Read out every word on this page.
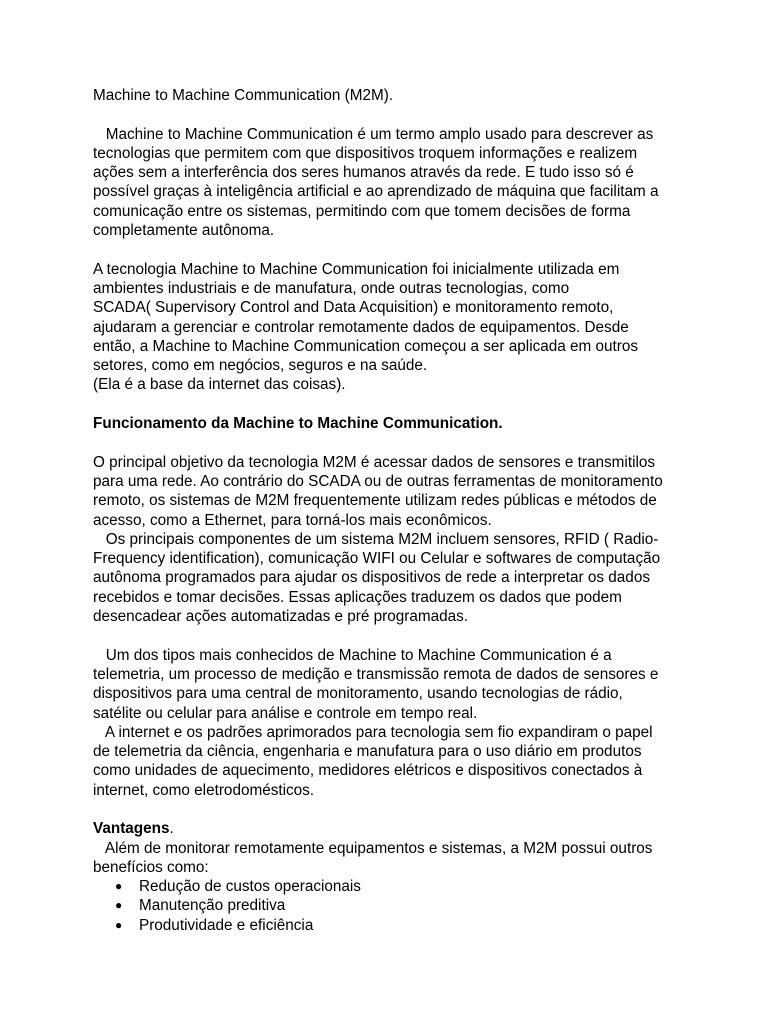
Machine to Machine Communication (M2M).
Machine to Machine Communication é um termo amplo usado para descrever as
tecnologias que permitem com que dispositivos troquem informações e realizem
ações sem a interferência dos seres humanos através da rede. E tudo isso só é
possível graças à inteligência artificial e ao aprendizado de máquina que facilitam a
comunicação entre os sistemas, permitindo com que tomem decisões de forma
completamente autônoma.
A tecnologia Machine to Machine Communication foi inicialmente utilizada em
ambientes industriais e de manufatura, onde outras tecnologias, como
SCADA( Supervisory Control and Data Acquisition) e monitoramento remoto,
ajudaram a gerenciar e controlar remotamente dados de equipamentos. Desde
então, a Machine to Machine Communication começou a ser aplicada em outros
setores, como em negócios, seguros e na saúde.
(Ela é a base da internet das coisas).
Funcionamento da Machine to Machine Communication.
O principal objetivo da tecnologia M2M é acessar dados de sensores e transmitilos
para uma rede. Ao contrário do SCADA ou de outras ferramentas de monitoramento
remoto, os sistemas de M2M frequentemente utilizam redes públicas e métodos de
acesso, como a Ethernet, para torná-los mais econômicos.
Os principais componentes de um sistema M2M incluem sensores, RFID ( Radio-
Frequency identification), comunicação WIFI ou Celular e softwares de computação
autônoma programados para ajudar os dispositivos de rede a interpretar os dados
recebidos e tomar decisões. Essas aplicações traduzem os dados que podem
desencadear ações automatizadas e pré programadas.
Um dos tipos mais conhecidos de Machine to Machine Communication é a
telemetria, um processo de medição e transmissão remota de dados de sensores e
dispositivos para uma central de monitoramento, usando tecnologias de rádio,
satélite ou celular para análise e controle em tempo real.
A internet e os padrões aprimorados para tecnologia sem fio expandiram o papel
de telemetria da ciência, engenharia e manufatura para o uso diário em produtos
como unidades de aquecimento, medidores elétricos e dispositivos conectados à
internet, como eletrodomésticos.
Vantagens.
Além de monitorar remotamente equipamentos e sistemas, a M2M possui outros
benefícios como:

●

Redução de custos operacionais

●

Manutenção preditiva

●

Produtividade e eficiência
